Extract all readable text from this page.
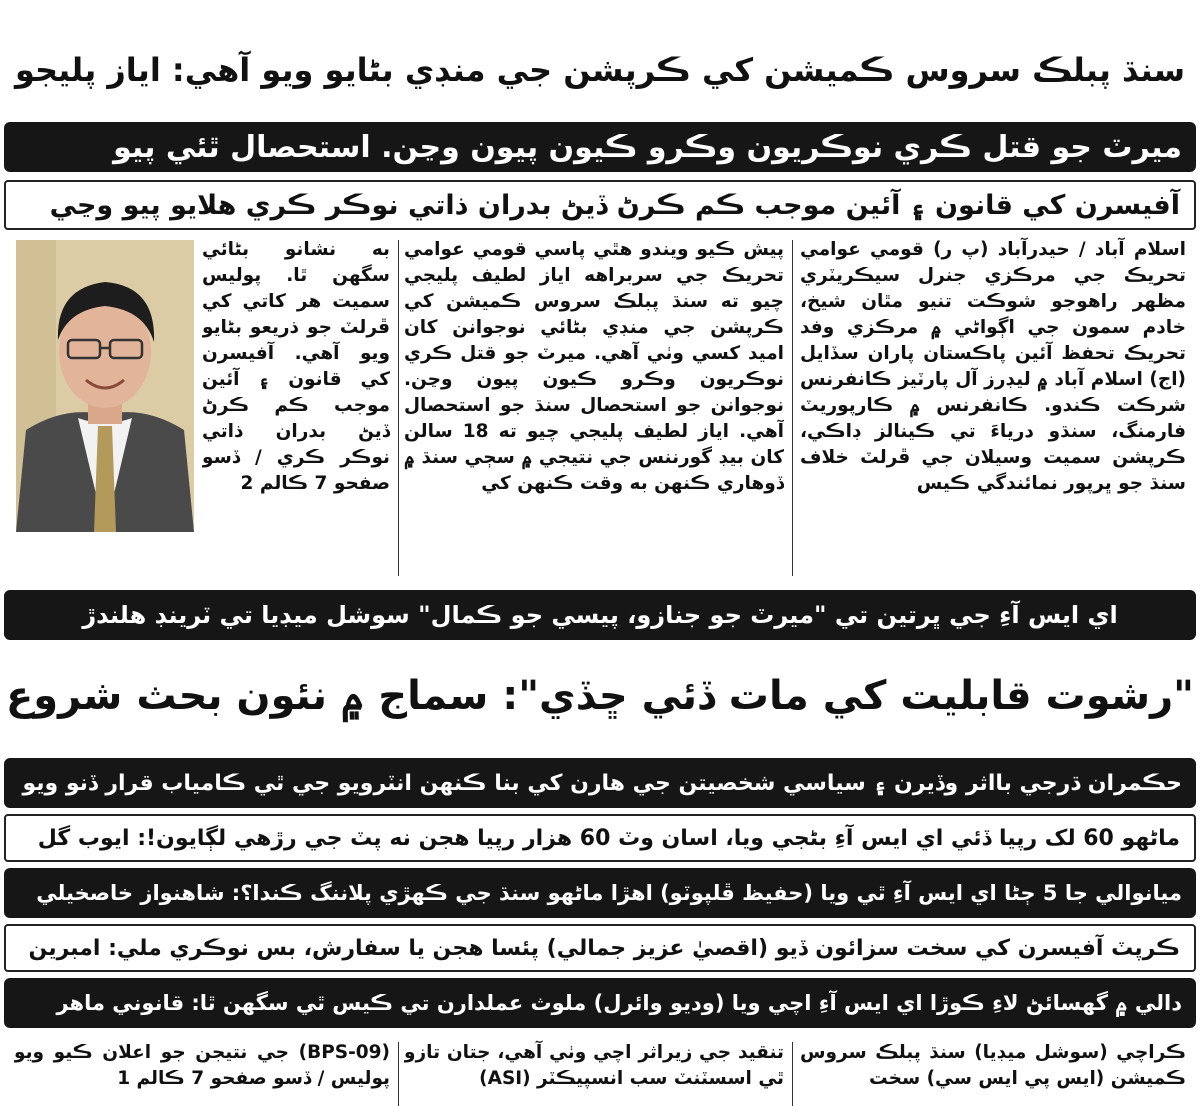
سنڌ پبلڪ سروس ڪميشن کي ڪرپشن جي منڊي بڻايو ويو آهي: اياز پليجو
ميرٽ جو قتل ڪري نوڪريون وڪرو ڪيون پيون وڃن. استحصال ٿئي پيو
آفيسرن کي قانون ۽ آئين موجب ڪم ڪرڻ ڏيڻ بدران ذاتي نوڪر ڪري هلايو پيو وڃي

اسلام آباد / حيدرآباد (پ ر) قومي عوامي تحريڪ جي مرڪزي جنرل سيڪريٽري مظهر راهوجو شوڪت تنيو مٿان شيخ، خادم سمون جي اڳواڻي ۾ مرڪزي وفد تحريڪ تحفظ آئين پاڪستان پاران سڏايل (اج) اسلام آباد ۾ ليڊرز آل پارٽيز ڪانفرنس شرڪت ڪندو. ڪانفرنس ۾ ڪارپوريٽ فارمنگ، سنڌو درياءَ تي ڪينالز ڊاڪي، ڪرپشن سميت وسيلان جي ڦرلٽ خلاف سنڌ جو ڀرپور نمائندگي ڪيس

پيش ڪيو ويندو هٿي پاسي قومي عوامي تحريڪ جي سربراهه اياز لطيف پليجي چيو ته سنڌ پبلڪ سروس ڪميشن کي ڪرپشن جي منڊي بڻائي نوجوانن کان اميد کسي وٺي آهي. ميرٽ جو قتل ڪري نوڪريون وڪرو ڪيون پيون وڃن. نوجوانن جو استحصال سنڌ جو استحصال آهي. اياز لطيف پليجي چيو ته 18 سالن کان بيڊ گورننس جي نتيجي ۾ سڄي سنڌ ۾ ڏوهاري ڪنهن به وقت ڪنهن کي

به نشانو بڻائي سگهن ٿا. پوليس سميت هر کاتي کي ڦرلٽ جو ذريعو بڻايو ويو آهي. آفيسرن کي قانون ۽ آئين موجب ڪم ڪرڻ ڏيڻ بدران ذاتي نوڪر ڪري / ڏسو صفحو 7 ڪالم 2

اي ايس آءِ جي ڀرتين تي "ميرٽ جو جنازو، پيسي جو ڪمال" سوشل ميڊيا تي ٽرينڊ هلندڙ
"رشوت قابليت کي مات ڏئي ڇڏي": سماج ۾ نئون بحث شروع
حڪمران ڌرجي بااثر وڏيرن ۽ سياسي شخصيتن جي ھارن کي بنا ڪنهن انٽرويو جي ٿي ڪامياب قرار ڏنو ويو
ماڻهو 60 لک رپيا ڏئي اي ايس آءِ بڻجي ويا، اسان وٽ 60 هزار رپيا هجن نه پٽ جي رڙهي لڳايون!: ايوب گل
ميانوالي جا 5 ڄڻا اي ايس آءِ ٿي ويا (حفيظ ڦلپوٽو) اهڙا ماڻهو سنڌ جي ڪهڙي پلاننگ ڪندا؟: شاهنواز خاصخيلي
ڪرپٽ آفيسرن کي سخت سزائون ڏيو (اقصيٰ عزيز جمالي) پئسا هجن يا سفارش، بس نوڪري ملي: امبرين
دالي ۾ گهسائڻ لاءِ ڪوڙا اي ايس آءِ اچي ويا (وديو وائرل) ملوث عملدارن تي ڪيس ٿي سگهن ٿا: قانوني ماهر

ڪراچي (سوشل ميڊيا) سنڌ پبلڪ سروس ڪميشن (ايس پي ايس سي) سخت

تنقيد جي زيراثر اچي وٺي آهي، جتان تازو ٿي اسسٽنٽ سب انسپيڪٽر (ASI)

(BPS-09) جي نتيجن جو اعلان ڪيو ويو پوليس / ڏسو صفحو 7 ڪالم 1
